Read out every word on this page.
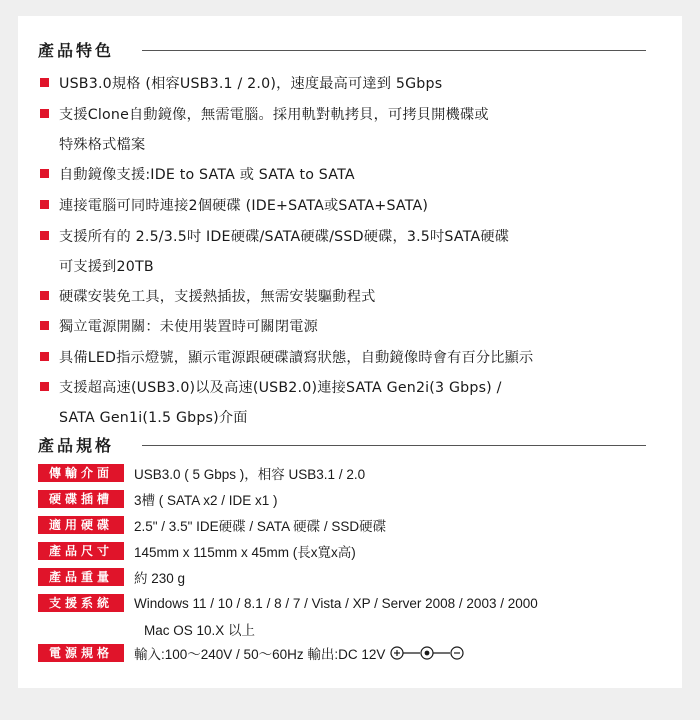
產品特色
USB3.0規格 (相容USB3.1 / 2.0)，速度最高可達到 5Gbps
支援Clone自動鏡像，無需電腦。採用軌對軌拷貝，可拷貝開機碟或
特殊格式檔案
自動鏡像支援:IDE to SATA 或 SATA to SATA
連接電腦可同時連接2個硬碟 (IDE+SATA或SATA+SATA)
支援所有的 2.5/3.5吋 IDE硬碟/SATA硬碟/SSD硬碟，3.5吋SATA硬碟
可支援到20TB
硬碟安裝免工具，支援熱插拔，無需安裝驅動程式
獨立電源開關：未使用裝置時可關閉電源
具備LED指示燈號，顯示電源跟硬碟讀寫狀態，自動鏡像時會有百分比顯示
支援超高速(USB3.0)以及高速(USB2.0)連接SATA Gen2i(3 Gbps) /
SATA Gen1i(1.5 Gbps)介面
產品規格
傳輸介面	USB3.0 ( 5 Gbps )，相容 USB3.1 / 2.0
硬碟插槽	3槽 ( SATA x2 / IDE x1 )
適用硬碟	2.5" / 3.5" IDE硬碟 / SATA 硬碟 / SSD硬碟
產品尺寸	145mm x 115mm x 45mm (長x寬x高)
產品重量	約 230 g
支援系統	Windows 11 / 10 / 8.1 / 8 / 7 / Vista / XP / Server 2008 / 2003 / 2000
Mac OS 10.X 以上
電源規格	輸入:100～240V / 50～60Hz 輸出:DC 12V
